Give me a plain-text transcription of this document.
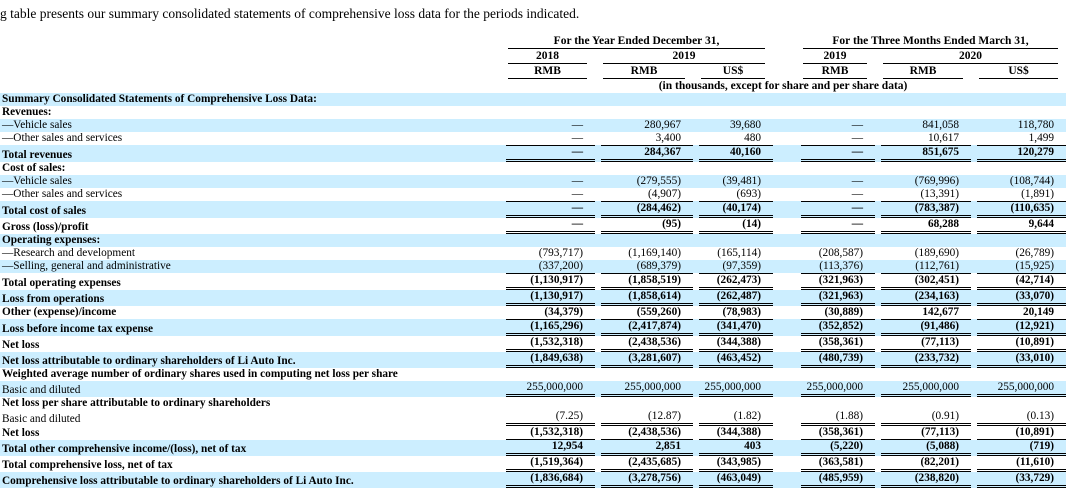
g table presents our summary consolidated statements of comprehensive loss data for the periods indicated.

	For the Year Ended December 31,			For the Three Months Ended March 31,		

	2018	2019		2019	2020	

	RMB	RMB	US$	RMB	RMB	US$

	(in thousands, except for share and per share data)					
Summary Consolidated Statements of Comprehensive Loss Data:						
Revenues:						
—Vehicle sales	—	280,967	39,680	—	841,058	118,780

—Other sales and services	—	3,400	480	—	10,617	1,499

Total revenues	—	284,367	40,160	—	851,675	120,279

Cost of sales:						
—Vehicle sales	—	(279,555)	(39,481)	—	(769,996)	(108,744)

—Other sales and services	—	(4,907)	(693)	—	(13,391)	(1,891)

Total cost of sales	—	(284,462)	(40,174)	—	(783,387)	(110,635)

Gross (loss)/profit	—	(95)	(14)	—	68,288	9,644

Operating expenses:						
—Research and development	(793,717)	(1,169,140)	(165,114)	(208,587)	(189,690)	(26,789)

—Selling, general and administrative	(337,200)	(689,379)	(97,359)	(113,376)	(112,761)	(15,925)

Total operating expenses	(1,130,917)	(1,858,519)	(262,473)	(321,963)	(302,451)	(42,714)

Loss from operations	(1,130,917)	(1,858,614)	(262,487)	(321,963)	(234,163)	(33,070)

Other (expense)/income	(34,379)	(559,260)	(78,983)	(30,889)	142,677	20,149

Loss before income tax expense	(1,165,296)	(2,417,874)	(341,470)	(352,852)	(91,486)	(12,921)

Net loss	(1,532,318)	(2,438,536)	(344,388)	(358,361)	(77,113)	(10,891)

Net loss attributable to ordinary shareholders of Li Auto Inc.	(1,849,638)	(3,281,607)	(463,452)	(480,739)	(233,732)	(33,010)

Weighted average number of ordinary shares used in computing net loss per share						
Basic and diluted	255,000,000	255,000,000	255,000,000	255,000,000	255,000,000	255,000,000

Net loss per share attributable to ordinary shareholders						
Basic and diluted	(7.25)	(12.87)	(1.82)	(1.88)	(0.91)	(0.13)

Net loss	(1,532,318)	(2,438,536)	(344,388)	(358,361)	(77,113)	(10,891)

Total other comprehensive income/(loss), net of tax	12,954	2,851	403	(5,220)	(5,088)	(719)

Total comprehensive loss, net of tax	(1,519,364)	(2,435,685)	(343,985)	(363,581)	(82,201)	(11,610)

Comprehensive loss attributable to ordinary shareholders of Li Auto Inc.	(1,836,684)	(3,278,756)	(463,049)	(485,959)	(238,820)	(33,729)
